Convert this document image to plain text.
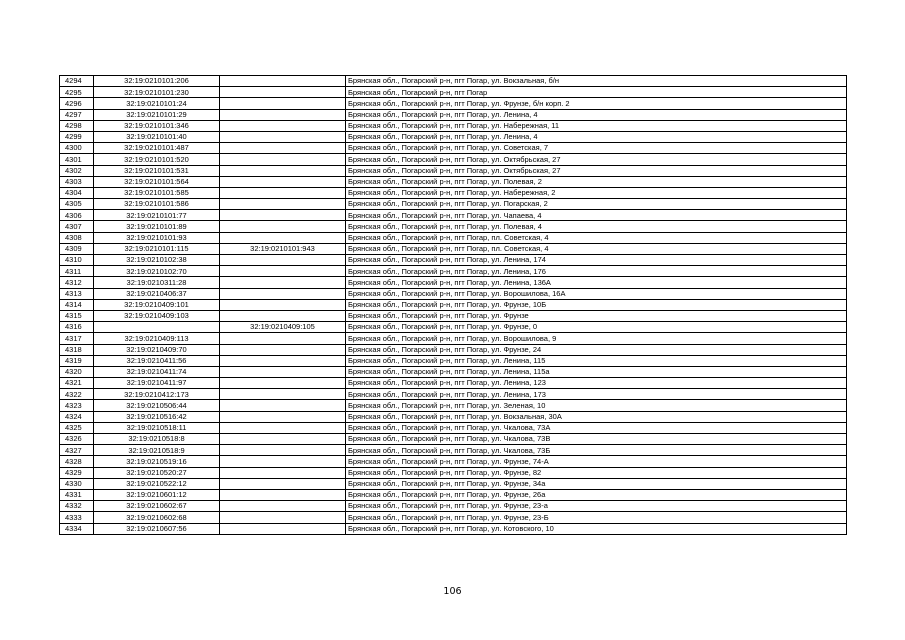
4294	32:19:0210101:206		Брянская обл., Погарский р-н, пгт Погар, ул. Вокзальная, б/н
4295	32:19:0210101:230		Брянская обл., Погарский р-н, пгт Погар
4296	32:19:0210101:24		Брянская обл., Погарский р-н, пгт Погар, ул. Фрунзе, б/н корп. 2
4297	32:19:0210101:29		Брянская обл., Погарский р-н, пгт Погар, ул. Ленина, 4
4298	32:19:0210101:346		Брянская обл., Погарский р-н, пгт Погар, ул. Набережная, 11
4299	32:19:0210101:40		Брянская обл., Погарский р-н, пгт Погар, ул. Ленина, 4
4300	32:19:0210101:487		Брянская обл., Погарский р-н, пгт Погар, ул. Советская, 7
4301	32:19:0210101:520		Брянская обл., Погарский р-н, пгт Погар, ул. Октябрьская, 27
4302	32:19:0210101:531		Брянская обл., Погарский р-н, пгт Погар, ул. Октябрьская, 27
4303	32:19:0210101:564		Брянская обл., Погарский р-н, пгт Погар, ул. Полевая, 2
4304	32:19:0210101:585		Брянская обл., Погарский р-н, пгт Погар, ул. Набережная, 2
4305	32:19:0210101:586		Брянская обл., Погарский р-н, пгт Погар, ул. Погарская, 2
4306	32:19:0210101:77		Брянская обл., Погарский р-н, пгт Погар, ул. Чапаева, 4
4307	32:19:0210101:89		Брянская обл., Погарский р-н, пгт Погар, ул. Полевая, 4
4308	32:19:0210101:93		Брянская обл., Погарский р-н, пгт Погар, пл. Советская, 4
4309	32:19:0210101:115	32:19:0210101:943	Брянская обл., Погарский р-н, пгт Погар, пл. Советская, 4
4310	32:19:0210102:38		Брянская обл., Погарский р-н, пгт Погар, ул. Ленина, 174
4311	32:19:0210102:70		Брянская обл., Погарский р-н, пгт Погар, ул. Ленина, 176
4312	32:19:0210311:28		Брянская обл., Погарский р-н, пгт Погар, ул. Ленина, 136А
4313	32:19:0210406:37		Брянская обл., Погарский р-н, пгт Погар, ул. Ворошилова, 16А
4314	32:19:0210409:101		Брянская обл., Погарский р-н, пгт Погар, ул. Фрунзе, 10Б
4315	32:19:0210409:103		Брянская обл., Погарский р-н, пгт Погар, ул. Фрунзе
4316		32:19:0210409:105	Брянская обл., Погарский р-н, пгт Погар, ул. Фрунзе, 0
4317	32:19:0210409:113		Брянская обл., Погарский р-н, пгт Погар, ул. Ворошилова, 9
4318	32:19:0210409:70		Брянская обл., Погарский р-н, пгт Погар, ул. Фрунзе, 24
4319	32:19:0210411:56		Брянская обл., Погарский р-н, пгт Погар, ул. Ленина, 115
4320	32:19:0210411:74		Брянская обл., Погарский р-н, пгт Погар, ул. Ленина, 115а
4321	32:19:0210411:97		Брянская обл., Погарский р-н, пгт Погар, ул. Ленина, 123
4322	32:19:0210412:173		Брянская обл., Погарский р-н, пгт Погар, ул. Ленина, 173
4323	32:19:0210506:44		Брянская обл., Погарский р-н, пгт Погар, ул. Зеленая, 10
4324	32:19:0210516:42		Брянская обл., Погарский р-н, пгт Погар, ул. Вокзальная, 30А
4325	32:19:0210518:11		Брянская обл., Погарский р-н, пгт Погар, ул. Чкалова, 73А
4326	32:19:0210518:8		Брянская обл., Погарский р-н, пгт Погар, ул. Чкалова, 73В
4327	32:19:0210518:9		Брянская обл., Погарский р-н, пгт Погар, ул. Чкалова, 73Б
4328	32:19:0210519:16		Брянская обл., Погарский р-н, пгт Погар, ул. Фрунзе, 74-А
4329	32:19:0210520:27		Брянская обл., Погарский р-н, пгт Погар, ул. Фрунзе, 82
4330	32:19:0210522:12		Брянская обл., Погарский р-н, пгт Погар, ул. Фрунзе, 34а
4331	32:19:0210601:12		Брянская обл., Погарский р-н, пгт Погар, ул. Фрунзе, 26а
4332	32:19:0210602:67		Брянская обл., Погарский р-н, пгт Погар, ул. Фрунзе, 23-а
4333	32:19:0210602:68		Брянская обл., Погарский р-н, пгт Погар, ул. Фрунзе, 23-Б
4334	32:19:0210607:56		Брянская обл., Погарский р-н, пгт Погар, ул. Котовского, 10
106
